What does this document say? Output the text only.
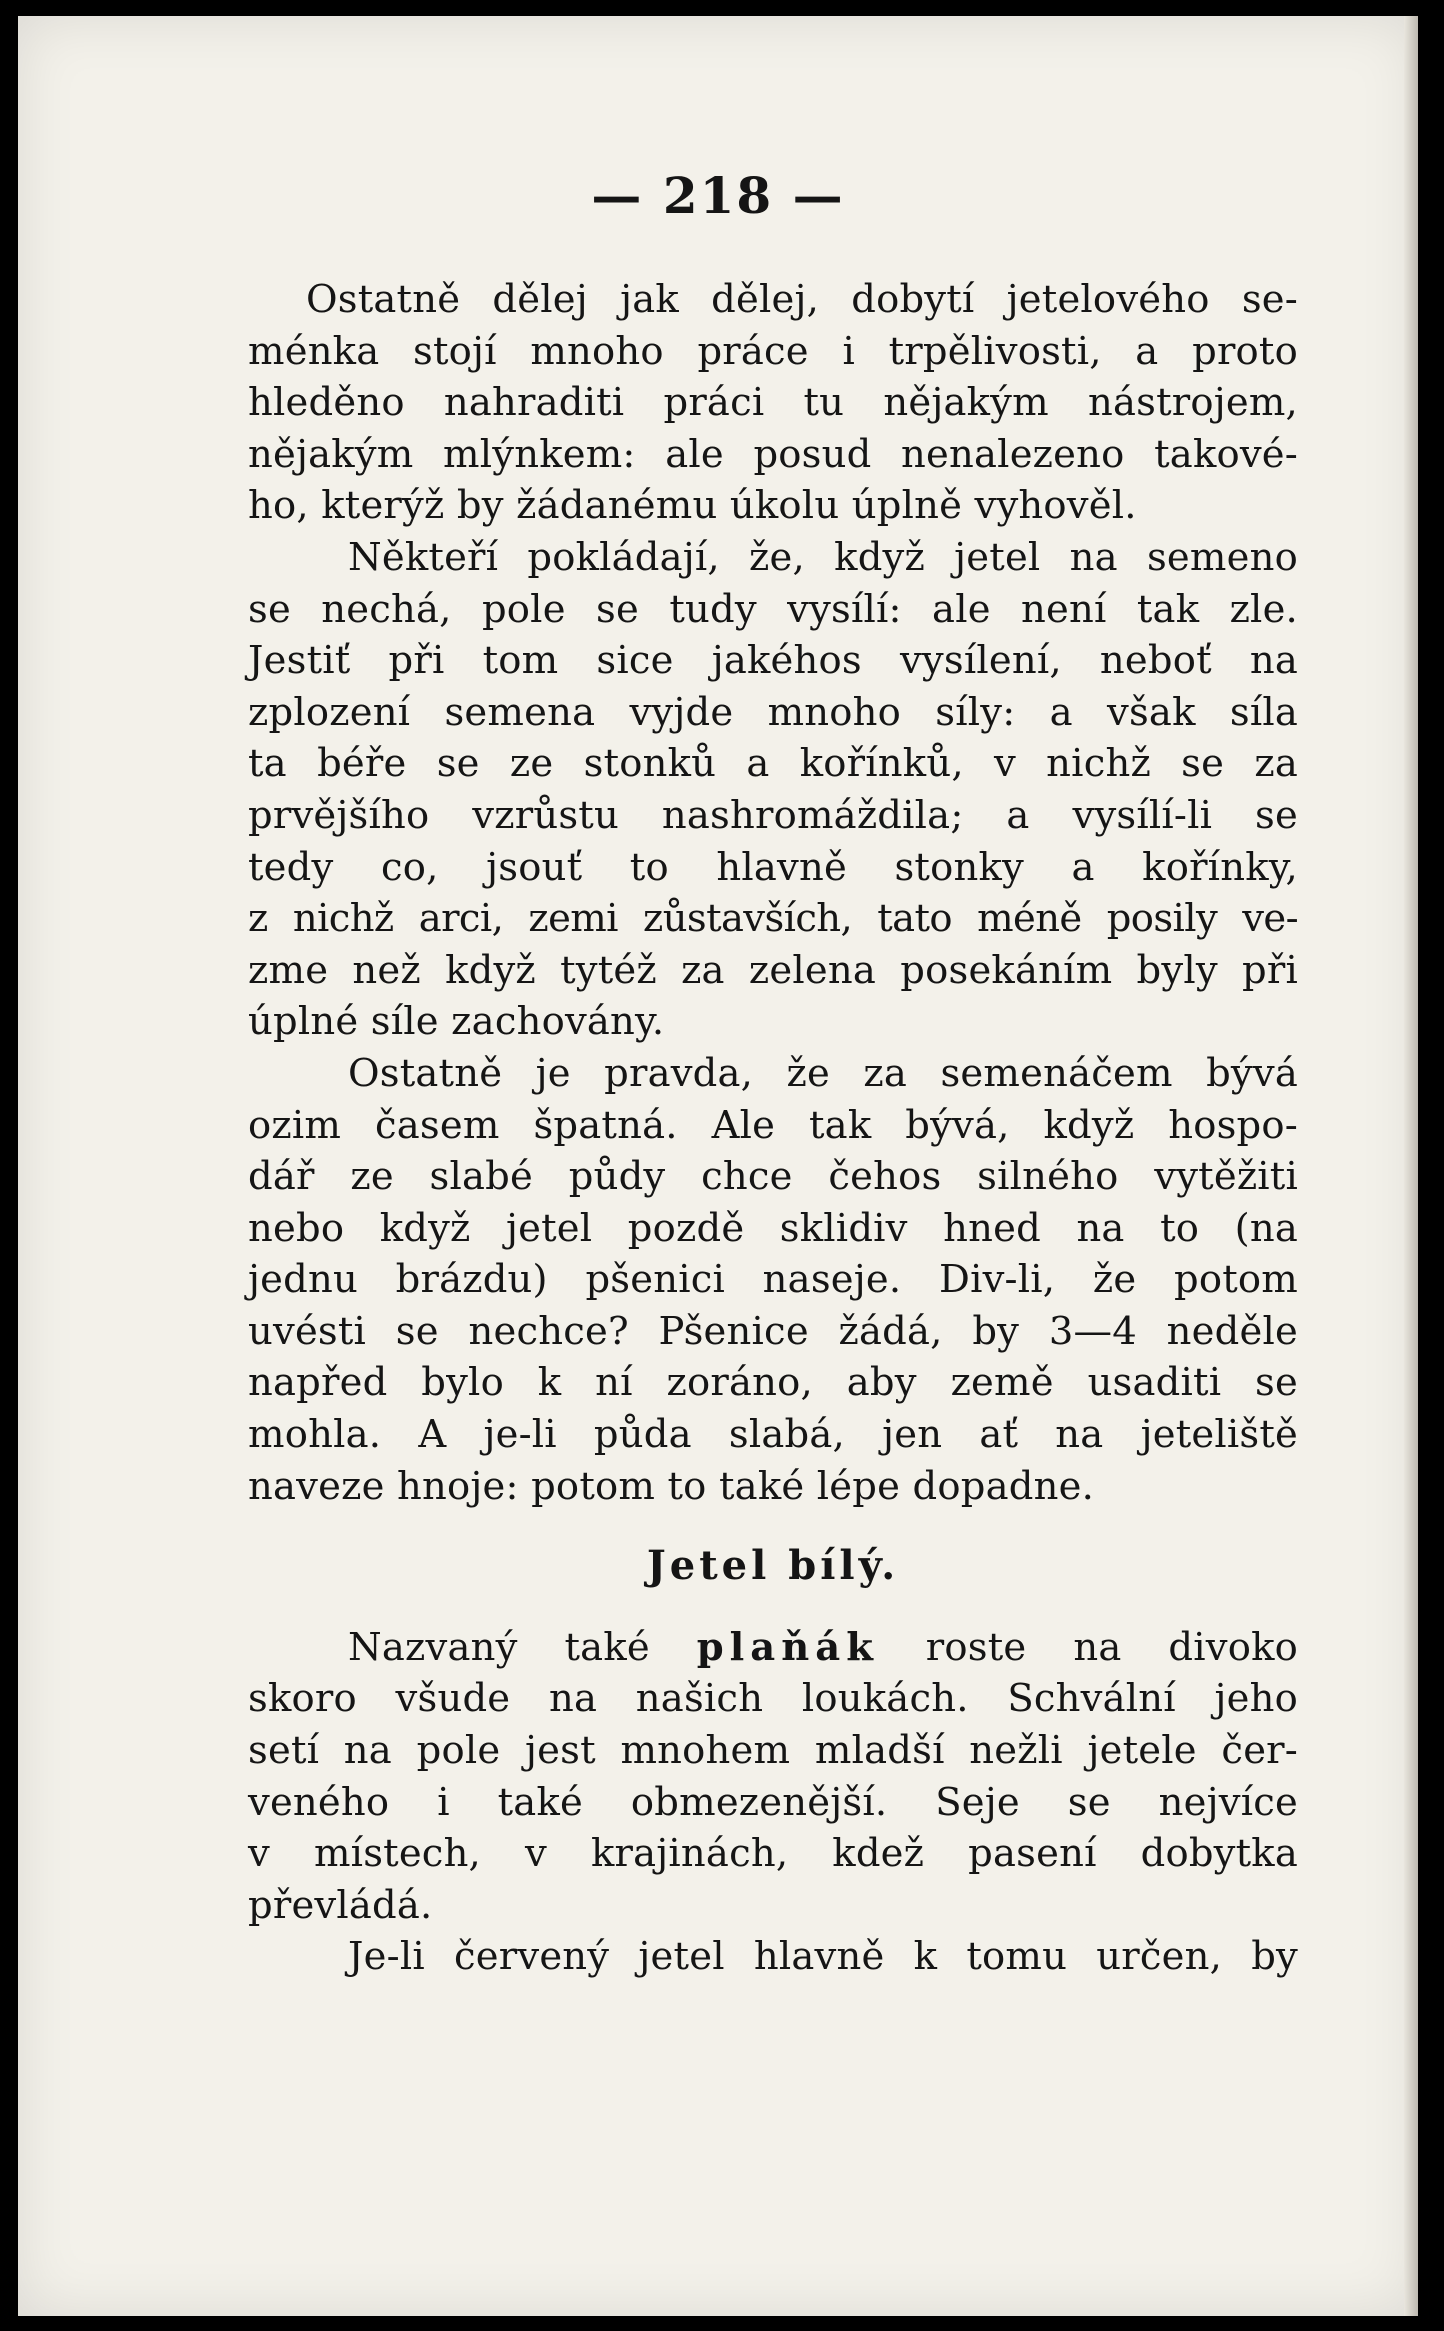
— 218 —
Ostatně dělej jak dělej, dobytí jetelového se-
ménka stojí mnoho práce i trpělivosti, a proto
hleděno nahraditi práci tu nějakým nástrojem,
nějakým mlýnkem: ale posud nenalezeno takové-
ho, kterýž by žádanému úkolu úplně vyhověl.
Někteří pokládají, že, když jetel na semeno
se nechá, pole se tudy vysílí: ale není tak zle.
Jestiť při tom sice jakéhos vysílení, neboť na
zplození semena vyjde mnoho síly: a však síla
ta béře se ze stonků a kořínků, v nichž se za
prvějšího vzrůstu nashromáždila; a vysílí-li se
tedy co, jsouť to hlavně stonky a kořínky,
z nichž arci, zemi zůstavších, tato méně posily ve-
zme než když tytéž za zelena posekáním byly při
úplné síle zachovány.
Ostatně je pravda, že za semenáčem bývá
ozim časem špatná. Ale tak bývá, když hospo-
dář ze slabé půdy chce čehos silného vytěžiti
nebo když jetel pozdě sklidiv hned na to (na
jednu brázdu) pšenici naseje. Div-li, že potom
uvésti se nechce? Pšenice žádá, by 3—4 neděle
napřed bylo k ní zoráno, aby země usaditi se
mohla. A je-li půda slabá, jen ať na jeteliště
naveze hnoje: potom to také lépe dopadne.
Jetel bílý.
Nazvaný také plaňák roste na divoko
skoro všude na našich loukách. Schvální jeho
setí na pole jest mnohem mladší nežli jetele čer-
veného i také obmezenější. Seje se nejvíce
v místech, v krajinách, kdež pasení dobytka
převládá.
Je-li červený jetel hlavně k tomu určen, by
